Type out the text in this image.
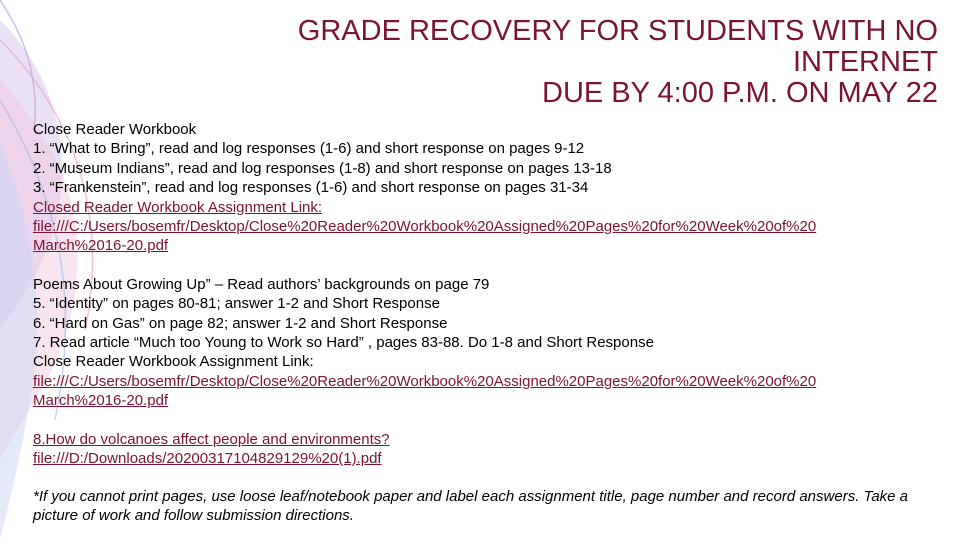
GRADE RECOVERY FOR STUDENTS WITH NO
INTERNET
DUE BY 4:00 P.M. ON MAY 22
Close Reader Workbook
1. “What to Bring”, read and log responses (1-6) and short response on pages 9-12
2. “Museum Indians”, read and log responses (1-8) and short response on pages 13-18
3. “Frankenstein”, read and log responses (1-6) and short response on pages 31-34
Closed Reader Workbook Assignment Link:
file:///C:/Users/bosemfr/Desktop/Close%20Reader%20Workbook%20Assigned%20Pages%20for%20Week%20of%20
March%2016-20.pdf
Poems About Growing Up” – Read authors’ backgrounds on page 79
5. “Identity” on pages 80-81; answer 1-2 and Short Response
6. “Hard on Gas” on page 82; answer 1-2 and Short Response
7. Read article “Much too Young to Work so Hard” , pages 83-88. Do 1-8 and Short Response
Close Reader Workbook Assignment Link:
file:///C:/Users/bosemfr/Desktop/Close%20Reader%20Workbook%20Assigned%20Pages%20for%20Week%20of%20
March%2016-20.pdf
8.How do volcanoes affect people and environments?
file:///D:/Downloads/20200317104829129%20(1).pdf
*If you cannot print pages, use loose leaf/notebook paper and label each assignment title, page number and record answers. Take a picture of work and follow submission directions.
